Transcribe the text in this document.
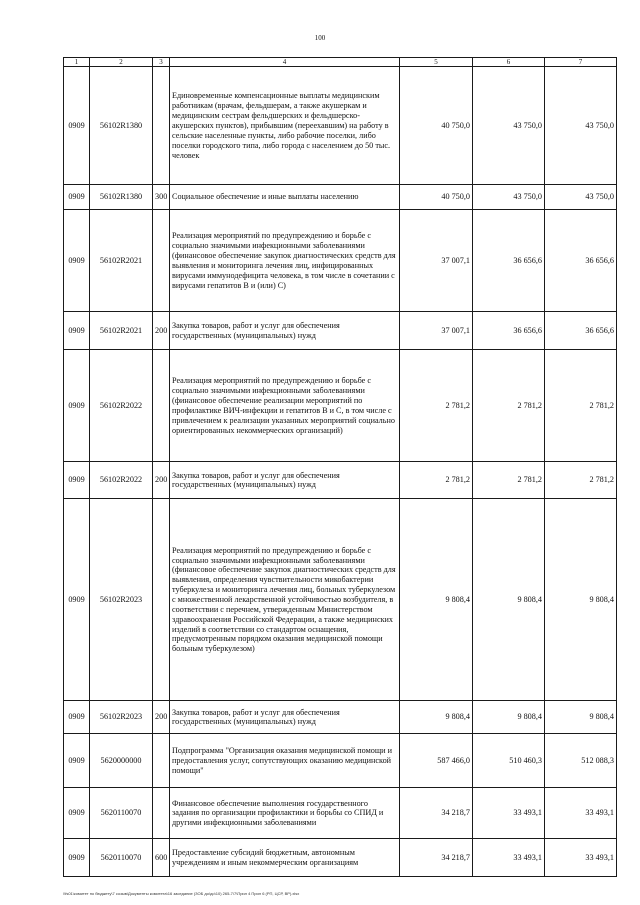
100
1	2	3	4	5	6	7
0909	56102R1380		Единовременные компенсационные выплаты медицинским работникам (врачам, фельдшерам, а также акушеркам и медицинским сестрам фельдшерских и фельдшерско-акушерских пунктов), прибывшим (переехавшим) на работу в сельские населенные пункты, либо рабочие поселки, либо поселки городского типа, либо города с населением до 50 тыс. человек	40 750,0	43 750,0	43 750,0
0909	56102R1380	300	Социальное обеспечение и иные выплаты населению	40 750,0	43 750,0	43 750,0
0909	56102R2021		Реализация мероприятий по предупреждению и борьбе с социально значимыми инфекционными заболеваниями (финансовое обеспечение закупок диагностических средств для выявления и мониторинга лечения лиц, инфицированных вирусами иммунодефицита человека, в том числе в сочетании с вирусами гепатитов В и (или) С)	37 007,1	36 656,6	36 656,6
0909	56102R2021	200	Закупка товаров, работ и услуг для обеспечения государственных (муниципальных) нужд	37 007,1	36 656,6	36 656,6
0909	56102R2022		Реализация мероприятий по предупреждению и борьбе с социально значимыми инфекционными заболеваниями (финансовое обеспечение реализации мероприятий по профилактике ВИЧ-инфекции и гепатитов В и С, в том числе с привлечением к реализации указанных мероприятий социально ориентированных некоммерческих организаций)	2 781,2	2 781,2	2 781,2
0909	56102R2022	200	Закупка товаров, работ и услуг для обеспечения государственных (муниципальных) нужд	2 781,2	2 781,2	2 781,2
0909	56102R2023		Реализация мероприятий по предупреждению и борьбе с социально значимыми инфекционными заболеваниями (финансовое обеспечение закупок диагностических средств для выявления, определения чувствительности микобактерии туберкулеза и мониторинга лечения лиц, больных туберкулезом с множественной лекарственной устойчивостью возбудителя, в соответствии с перечнем, утвержденным Министерством здравоохранения Российской Федерации, а также медицинских изделий в соответствии со стандартом оснащения, предусмотренным порядком оказания медицинской помощи больным туберкулезом)	9 808,4	9 808,4	9 808,4
0909	56102R2023	200	Закупка товаров, работ и услуг для обеспечения государственных (муниципальных) нужд	9 808,4	9 808,4	9 808,4
0909	5620000000		Подпрограмма "Организация оказания медицинской помощи и предоставления услуг, сопутствующих оказанию медицинской помощи"	587 466,0	510 460,3	512 088,3
0909	5620110070		Финансовое обеспечение выполнения государственного задания по организации профилактики и борьбы со СПИД и другими инфекционными заболеваниями	34 218,7	33 493,1	33 493,1
0909	5620110070	600	Предоставление субсидий бюджетным, автономным учреждениям и иным некоммерческим организациям	34 218,7	33 493,1	33 493,1
\\fs01\комитет по бюджету\7 созыв\Документы комитета\16 заседание (ЗОБ до\до\10) 265-7\7\Прил 4 Прил 6 (РП, ЦСР, ВР).xlsx
